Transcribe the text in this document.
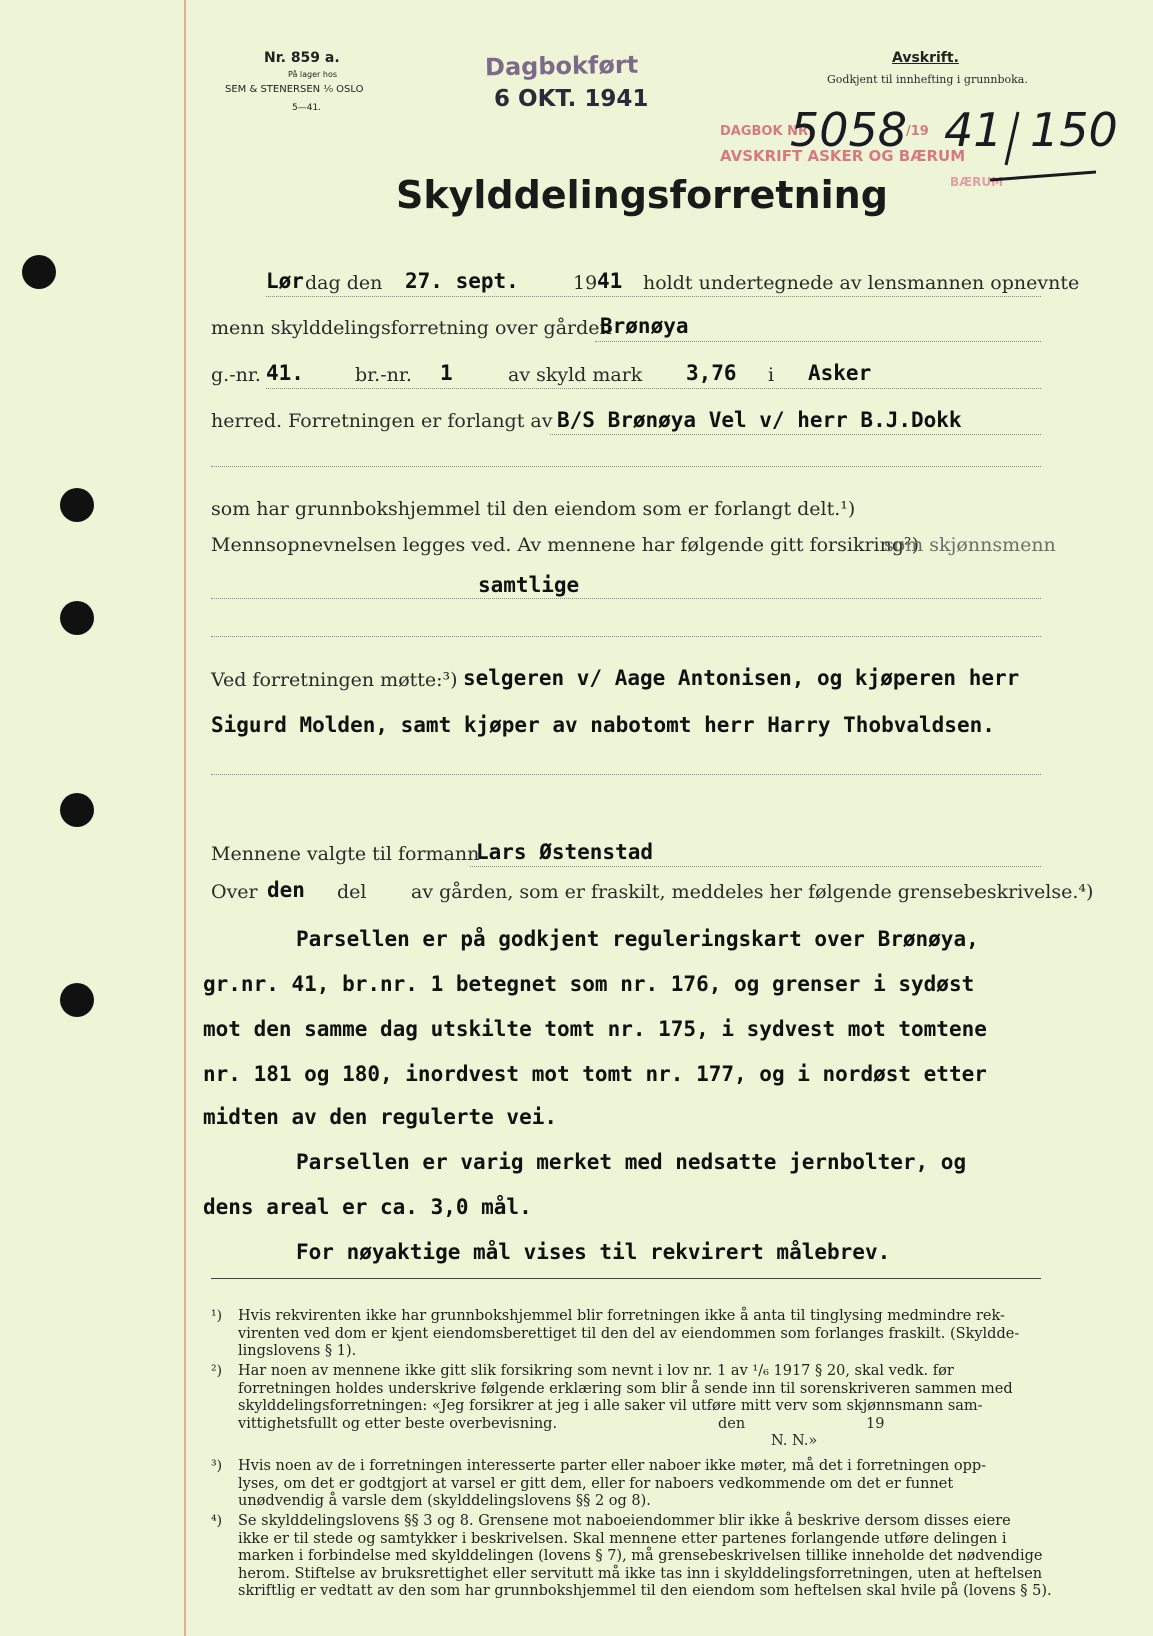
Nr. 859 a.
På lager hos
SEM & STENERSEN ⅟₀ OSLO
5—41.
Avskrift.
Godkjent til innhefting i grunnboka.
Dagbokført
6 OKT. 1941
DAGBOK NR.	/19
AVSKRIFT ASKER OG BÆRUM
BÆRUM
5058 41 150
Skylddelingsforretning
Lør dag den 27. sept.	19 41 holdt undertegnede av lensmannen opnevnte
menn skylddelingsforretning over gården
Brønøya
g.-nr. 41.	br.-nr. 1	av skyld mark 3,76 i Asker
herred. Forretningen er forlangt av B/S Brønøya Vel v/ herr B.J.Dokk
som har grunnbokshjemmel til den eiendom som er forlangt delt.¹)
Mennsopnevnelsen legges ved. Av mennene har følgende gitt forsikring²)
som skjønnsmenn
samtlige
Ved forretningen møtte:³) selgeren v/ Aage Antonisen, og kjøperen herr
Sigurd Molden, samt kjøper av nabotomt herr Harry Thobvaldsen.
Mennene valgte til formann
Lars Østenstad
Over den del av gården, som er fraskilt, meddeles her følgende grensebeskrivelse.⁴)
Parsellen er på godkjent reguleringskart over Brønøya,
gr.nr. 41, br.nr. 1 betegnet som nr. 176, og grenser i sydøst
mot den samme dag utskilte tomt nr. 175, i sydvest mot tomtene
nr. 181 og 180, inordvest mot tomt nr. 177, og i nordøst etter
midten av den regulerte vei.
Parsellen er varig merket med nedsatte jernbolter, og
dens areal er ca. 3,0 mål.
For nøyaktige mål vises til rekvirert målebrev.
¹) Hvis rekvirenten ikke har grunnbokshjemmel blir forretningen ikke å anta til tinglysing medmindre rek-
virenten ved dom er kjent eiendomsberettiget til den del av eiendommen som forlanges fraskilt. (Skyldde-
lingslovens § 1).
²) Har noen av mennene ikke gitt slik forsikring som nevnt i lov nr. 1 av ¹/₆ 1917 § 20, skal vedk. før
forretningen holdes underskrive følgende erklæring som blir å sende inn til sorenskriveren sammen med
skylddelingsforretningen: «Jeg forsikrer at jeg i alle saker vil utføre mitt verv som skjønnsmann sam-
vittighetsfullt og etter beste overbevisning.	den	19
N. N.»
³) Hvis noen av de i forretningen interesserte parter eller naboer ikke møter, må det i forretningen opp-
lyses, om det er godtgjort at varsel er gitt dem, eller for naboers vedkommende om det er funnet
unødvendig å varsle dem (skylddelingslovens §§ 2 og 8).
⁴) Se skylddelingslovens §§ 3 og 8. Grensene mot naboeiendommer blir ikke å beskrive dersom disses eiere
ikke er til stede og samtykker i beskrivelsen. Skal mennene etter partenes forlangende utføre delingen i
marken i forbindelse med skylddelingen (lovens § 7), må grensebeskrivelsen tillike inneholde det nødvendige
herom. Stiftelse av bruksrettighet eller servitutt må ikke tas inn i skylddelingsforretningen, uten at heftelsen
skriftlig er vedtatt av den som har grunnbokshjemmel til den eiendom som heftelsen skal hvile på (lovens § 5).
